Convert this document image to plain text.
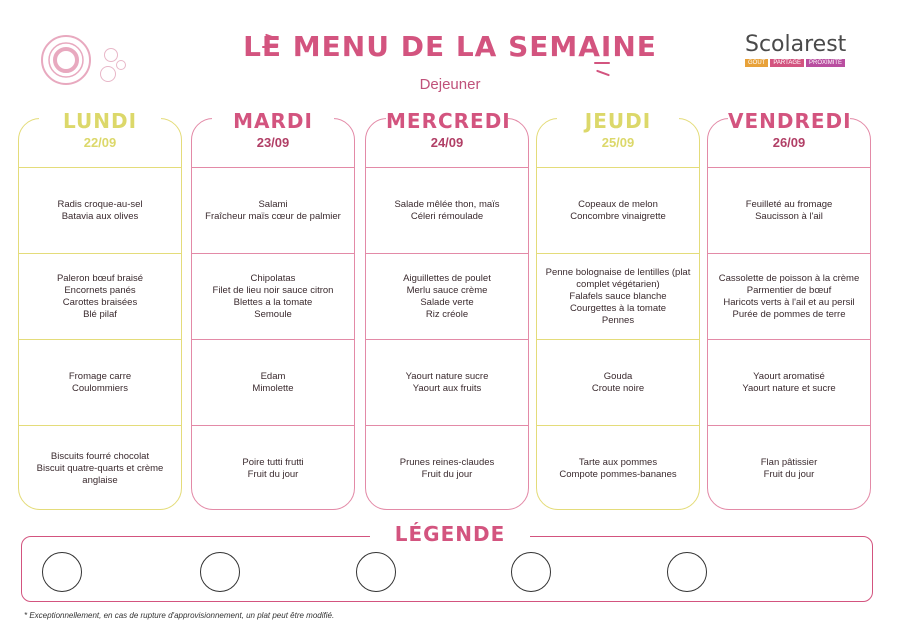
LE MENU DE LA SEMAINE
Dejeuner
Scolarest
GOÛT	PARTAGE	PROXIMITÉ
LUNDI
22/09
Radis croque-au-sel
Batavia aux olives
Paleron bœuf braisé
Encornets panés
Carottes braisées
Blé pilaf
Fromage carre
Coulommiers
Biscuits fourré chocolat
Biscuit quatre-quarts et crème anglaise
MARDI
23/09
Salami
Fraîcheur maïs cœur de palmier
Chipolatas
Filet de lieu noir sauce citron
Blettes a la tomate
Semoule
Edam
Mimolette
Poire tutti frutti
Fruit du jour
MERCREDI
24/09
Salade mêlée thon, maïs
Céleri rémoulade
Aiguillettes de poulet
Merlu sauce crème
Salade verte
Riz créole
Yaourt nature sucre
Yaourt aux fruits
Prunes reines-claudes
Fruit du jour
JEUDI
25/09
Copeaux de melon
Concombre vinaigrette
Penne bolognaise de lentilles (plat complet végétarien)
Falafels sauce blanche
Courgettes à la tomate
Pennes
Gouda
Croute noire
Tarte aux pommes
Compote pommes-bananes
VENDREDI
26/09
Feuilleté au fromage
Saucisson à l'ail
Cassolette de poisson à la crème
Parmentier de bœuf
Haricots verts à l'ail et au persil
Purée de pommes de terre
Yaourt aromatisé
Yaourt nature et sucre
Flan pâtissier
Fruit du jour
LÉGENDE
* Exceptionnellement, en cas de rupture d'approvisionnement, un plat peut être modifié.
